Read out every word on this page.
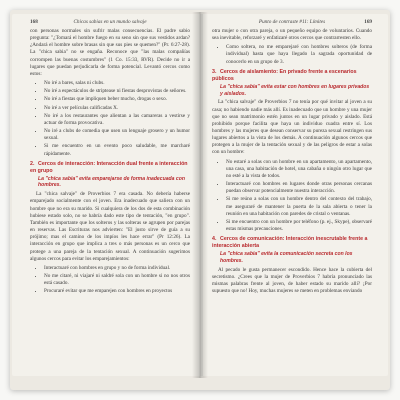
168	Chicas sabias en un mundo salvaje

con personas normales sin sufrir malas consecuencias. El padre sabio pregunta: "¿Tomará el hombre fuego en su seno sin que sus vestidos ardan? ¿Andará el hombre sobre brasas sin que sus pies se quemen?" (Pr. 6:27-28). La "chica sabia" no se engaña. Reconoce que "las malas compañías corrompen las buenas costumbres" (1 Co. 15:33, RVR). Decide no ir a lugares que puedan perjudicarla de forma potencial. Levantó cercos como estos:

• No iré a bares, salas ni clubs.
• No iré a espectáculos de striptease ni fiestas desprovistas de señores.
• No iré a fiestas que impliquen beber mucho, drogas o sexo.
• No iré a ver películas calificadas X.
• No iré a los restaurantes que alientan a las camareras a vestirse y actuar de forma provocativa.
• No iré a clubs de comedia que usen un lenguaje grosero y un humor sexual.
• Si me encuentro en un evento poco saludable, me marcharé rápidamente.
2. Cercos de interacción: Interacción dual frente a interacción en grupo
La "chica sabia" evita emparejarse de forma inadecuada con hombres.

La "chica salvaje" de Proverbios 7 era casada. No debería haberse emparejado socialmente con el joven. Era inadecuado que saliera con un hombre que no era su marido. Si cualquiera de los dos de esta combinación hubiese estado solo, no se habría dado este tipo de tentación, "en grupo". También es importante que los solteros y las solteras se agrupen por parejas en reservas. Las Escrituras nos advierten: "El justo sirve de guía a su prójimo; mas el camino de los impíos les hace errar" (Pr 12:26). La interacción en grupo que implica a tres o más personas es un cerco que protege a una pareja de la tentación sexual. A continuación sugerimos algunos cercos para evitar los emparejamientos:

• Interactuaré con hombres en grupo y no de forma individual.
• No me citaré, ni viajaré ni saldré sola con un hombre si no nos otros está casado.
• Procuraré evitar que me emparejen con hombres en proyectos
Punto de contraste #11: Límites	169

otra mujer o con otra pareja, o un pequeño equipo de voluntarios. Cuando sea inevitable, reforzaré y enfatizaré otros cercos que contrarresten ello.

• Como soltera, no me emparejaré con hombres solteros (de forma individual) hasta que haya llegado la sagrada oportunidad de conocerlo en un grupo de 3.
3. Cercos de aislamiento: En privado frente a escenarios públicos
La "chica sabia" evita estar con hombres en lugares privados y aislados.

La "chica salvaje" de Proverbios 7 no tenía por qué invitar al joven a su casa; no habiendo nadie más allí. Es inadecuado que un hombre y una mujer que no sean matrimonio estén juntos en un lugar privado y aislado. Está prohibido porque facilita que haya un individuo cuadra entre sí. Los hombres y las mujeres que desean conservar su pureza sexual restringen sus lugares abiertos a la vista de los demás. A continuación algunos cercos que protegen a la mujer de la tentación sexual y de las peligros de estar a solas con un hombre:

• No estaré a solas con un hombre en un apartamento, un apartamento, una casa, una habitación de hotel, una cabaña o ningún otro lugar que no esté a la vista de todos.
• Interactuaré con hombres en lugares donde otras personas cercanas puedan observar potencialmente nuestra interacción.
• Si me reúno a solas con un hombre dentro del contexto del trabajo, me aseguraré de mantener la puerta de la sala abierta o tener la reunión en una habitación con paredes de cristal o ventanas.
• Si me encuentro con un hombre por teléfono (p. ej., Skype), observaré estas mismas precauciones.
4. Cercos de comunicación: Interacción inescrutable frente a interacción abierta
La "chica sabia" evita la comunicación secreta con los hombres.

Al pecado le gusta permanecer escondido. Hence hace la cubierta del secretismo. ¿Crees que la mujer de Proverbios 7 habría pronunciado las mismas palabras frente al joven, de haber estado su marido allí? ¡Por supuesto que no! Hoy, muchas mujeres se meten en problemas enviando
